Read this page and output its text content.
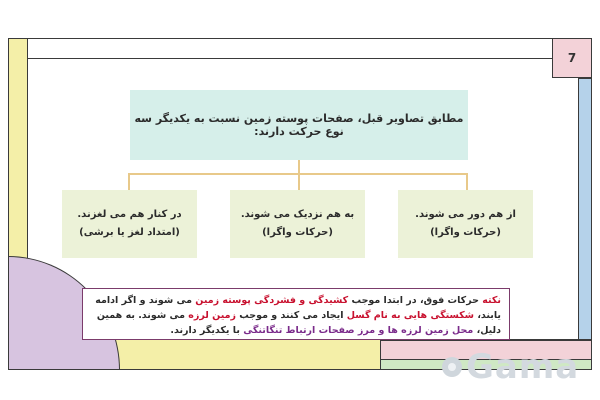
7
مطابق تصاویر قبل، صفحات پوسته زمین نسبت به یکدیگر سه نوع حرکت دارند:
از هم دور می شوند.
(حرکات واگرا)
به هم نزدیک می شوند.
(حرکات واگرا)
در کنار هم می لغزند.
(امتداد لغز یا برشی)
نکته حرکات فوق، در ابتدا موجب کشیدگی و فشردگی پوسته زمین می شوند و اگر ادامه یابند، شکستگی هایی به نام گسل ایجاد می کنند و موجب زمین لرزه می شوند. به همین دلیل، محل زمین لرزه ها و مرز صفحات ارتباط تنگاتنگی با یکدیگر دارند.
Gama
